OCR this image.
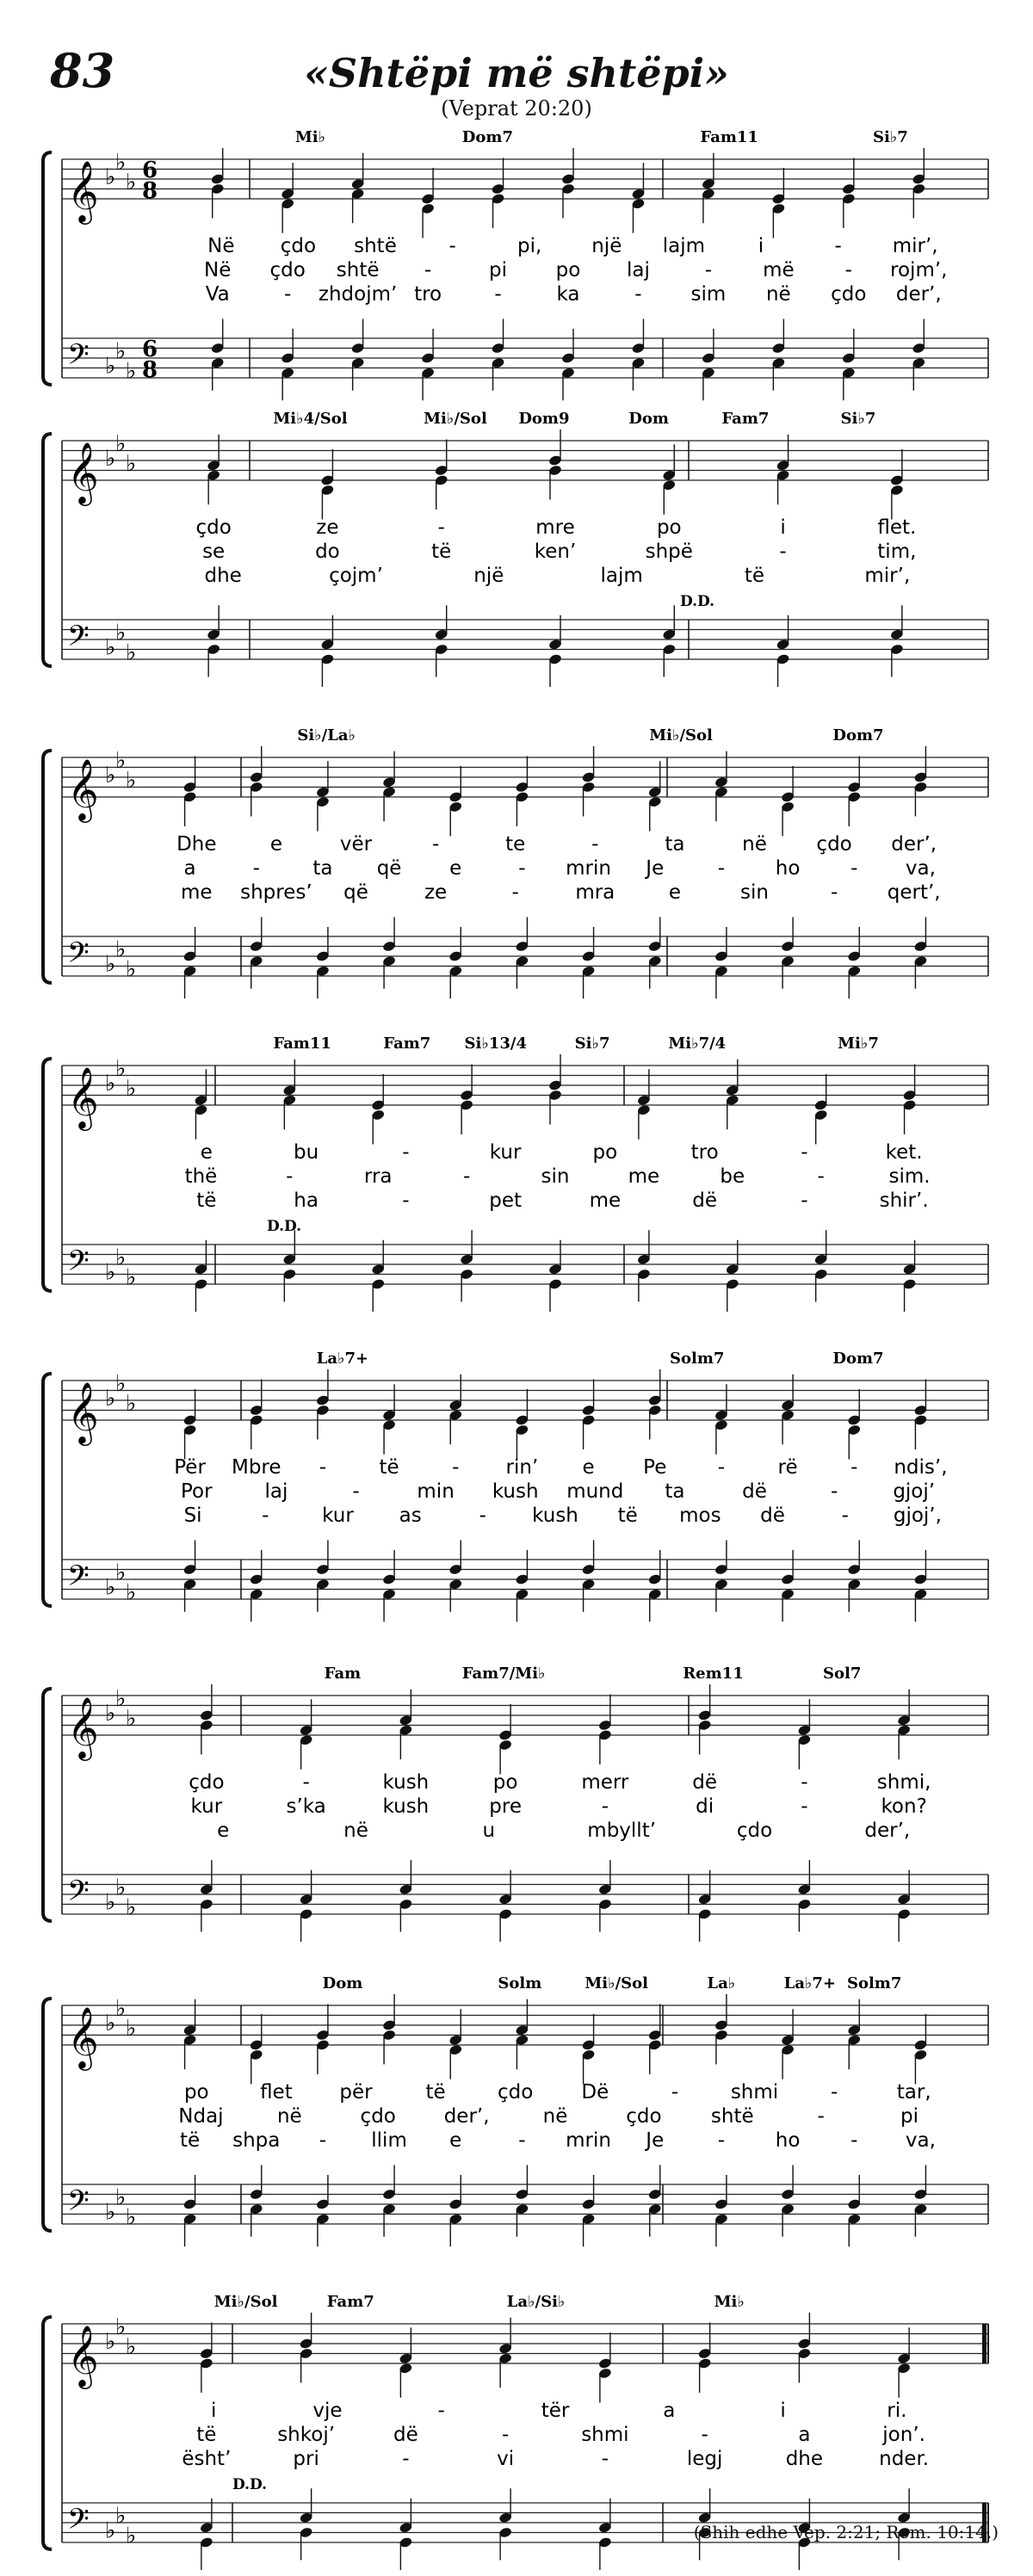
83	«Shtëpi më shtëpi»
(Veprat 20:20)
𝄞 ♭
♭
♭ 6
8
𝄢 ♭
♭
♭
6
8
Mi♭	Dom7	Fam11	Si♭7
Në çdo shtë	-	pi,	një lajm	i	-	mir’,
Në çdo shtë -	pi po laj	-	më	- rojm’,
Va	- zhdojm’ tro	-	ka	- sim në çdo der’,
𝄞 ♭
♭
♭
𝄢 ♭
♭
♭
Mi♭4/Sol	Mi♭/Sol Dom9	Dom	Fam7	Si♭7
D.D.
çdo	ze	-	mre	po	i	flet.
se	do	të	ken’	shpë	-	tim,
dhe	çojm’	një	lajm	të	mir’,
𝄞 ♭
♭
♭
𝄢 ♭
♭
♭
Si♭/La♭	Mi♭/Sol	Dom7
Dhe	e	vër	-	te	-	ta	në	çdo der’,
a	-	ta që e	- mrin Je	-	ho	- va,
me shpres’ që	ze	-	mra	e	sin	-	qert’,
𝄞 ♭
♭
♭
𝄢 ♭
♭
♭
Fam11	Fam7 Si♭13/4	Si♭7	Mi♭7/4	Mi♭7
D.D.
e	bu	-	kur	po	tro	-	ket.
thë	-	rra	-	sin	me	be	-	sim.
të	ha	-	pet	me	dë	-	shir’.
𝄞 ♭
♭
♭
𝄢 ♭
♭
♭
La♭7+	Solm7	Dom7
Për Mbre -	të	- rin’ e Pe	-	rë	- ndis’,
Por	laj	-	min kush mund ta	dë	-	gjoj’
Si	-	kur as	- kush të mos dë	- gjoj’,
𝄞 ♭
♭
♭
𝄢 ♭
♭
♭
Fam	Fam7/Mi♭	Rem11	Sol7
çdo	-	kush	po	merr	dë	-	shmi,
kur	s’ka	kush	pre	-	di	-	kon?
e	në	u	mbyllt’	çdo	der’,
𝄞 ♭
♭
♭
𝄢 ♭
♭
♭
Dom	Solm	Mi♭/Sol	La♭	La♭7+ Solm7
po	flet për	të	çdo Dë	-	shmi	-	tar,
Ndaj	në	çdo der’,	në	çdo shtë	-	pi
të shpa - llim e	- mrin Je	-	ho	- va,
𝄞 ♭
♭
♭
𝄢 ♭
♭
♭
Mi♭/Sol	Fam7	La♭/Si♭	Mi♭
D.D.
i	vje	-	tër	a	i	ri.
të	shkoj’	dë	-	shmi	-	a	jon’.
ësht’	pri	-	vi	-	legj	dhe	nder.
(Shih edhe Vep. 2:21; Rom. 10:14.)
